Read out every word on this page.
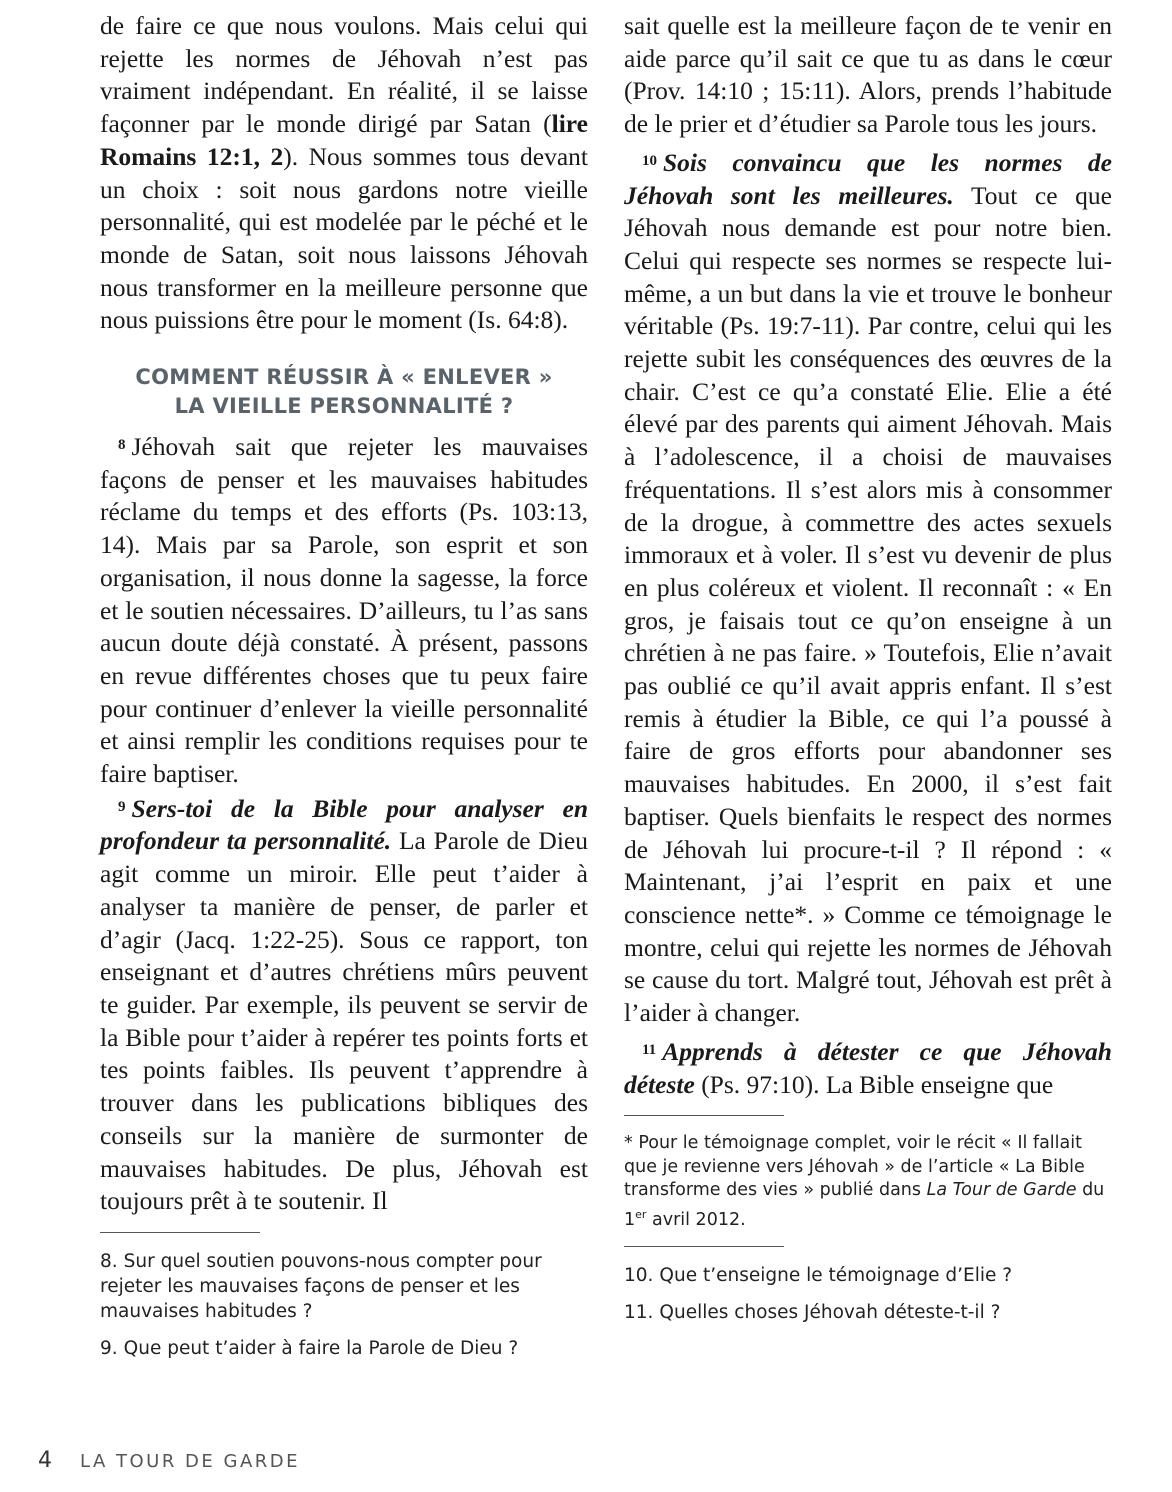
de faire ce que nous voulons. Mais celui qui rejette les normes de Jéhovah n’est pas vraiment indépendant. En réalité, il se laisse façonner par le monde dirigé par Satan (lire Romains 12:1, 2). Nous sommes tous devant un choix : soit nous gardons notre vieille personnalité, qui est modelée par le péché et le monde de Satan, soit nous laissons Jéhovah nous transformer en la meilleure personne que nous puissions être pour le moment (Is. 64:8).

COMMENT RÉUSSIR À « ENLEVER »
LA VIEILLE PERSONNALITÉ ?

$^8$ Jéhovah sait que rejeter les mauvaises façons de penser et les mauvaises habitudes réclame du temps et des efforts (Ps. 103:13, 14). Mais par sa Parole, son esprit et son organisation, il nous donne la sagesse, la force et le soutien nécessaires. D’ailleurs, tu l’as sans aucun doute déjà constaté. À présent, passons en revue différentes choses que tu peux faire pour continuer d’enlever la vieille personnalité et ainsi remplir les conditions requises pour te faire baptiser.

$^9$ Sers-toi de la Bible pour analyser en profondeur ta personnalité. La Parole de Dieu agit comme un miroir. Elle peut t’aider à analyser ta manière de penser, de parler et d’agir (Jacq. 1:22-25). Sous ce rapport, ton enseignant et d’autres chrétiens mûrs peuvent te guider. Par exemple, ils peuvent se servir de la Bible pour t’aider à repérer tes points forts et tes points faibles. Ils peuvent t’apprendre à trouver dans les publications bibliques des conseils sur la manière de surmonter de mauvaises habitudes. De plus, Jéhovah est toujours prêt à te soutenir. Il

8. Sur quel soutien pouvons-nous compter pour rejeter les mauvaises façons de penser et les mauvaises habitudes ?

9. Que peut t’aider à faire la Parole de Dieu ?

sait quelle est la meilleure façon de te venir en aide parce qu’il sait ce que tu as dans le cœur (Prov. 14:10 ; 15:11). Alors, prends l’habitude de le prier et d’étudier sa Parole tous les jours.

$^{10}$ Sois convaincu que les normes de Jéhovah sont les meilleures. Tout ce que Jéhovah nous demande est pour notre bien. Celui qui respecte ses normes se respecte lui-même, a un but dans la vie et trouve le bonheur véritable (Ps. 19:7-11). Par contre, celui qui les rejette subit les conséquences des œuvres de la chair. C’est ce qu’a constaté Elie. Elie a été élevé par des parents qui aiment Jéhovah. Mais à l’adolescence, il a choisi de mauvaises fréquentations. Il s’est alors mis à consommer de la drogue, à commettre des actes sexuels immoraux et à voler. Il s’est vu devenir de plus en plus coléreux et violent. Il reconnaît : « En gros, je faisais tout ce qu’on enseigne à un chrétien à ne pas faire. » Toutefois, Elie n’avait pas oublié ce qu’il avait appris enfant. Il s’est remis à étudier la Bible, ce qui l’a poussé à faire de gros efforts pour abandonner ses mauvaises habitudes. En 2000, il s’est fait baptiser. Quels bienfaits le respect des normes de Jéhovah lui procure-t-il ? Il répond : « Maintenant, j’ai l’esprit en paix et une conscience nette*. » Comme ce témoignage le montre, celui qui rejette les normes de Jéhovah se cause du tort. Malgré tout, Jéhovah est prêt à l’aider à changer.

$^{11}$ Apprends à détester ce que Jéhovah déteste (Ps. 97:10). La Bible enseigne que

* Pour le témoignage complet, voir le récit « Il fallait que je revienne vers Jéhovah » de l’article « La Bible transforme des vies » publié dans La Tour de Garde du 1er avril 2012.

10. Que t’enseigne le témoignage d’Elie ?

11. Quelles choses Jéhovah déteste-t-il ?

4 LA TOUR DE GARDE
